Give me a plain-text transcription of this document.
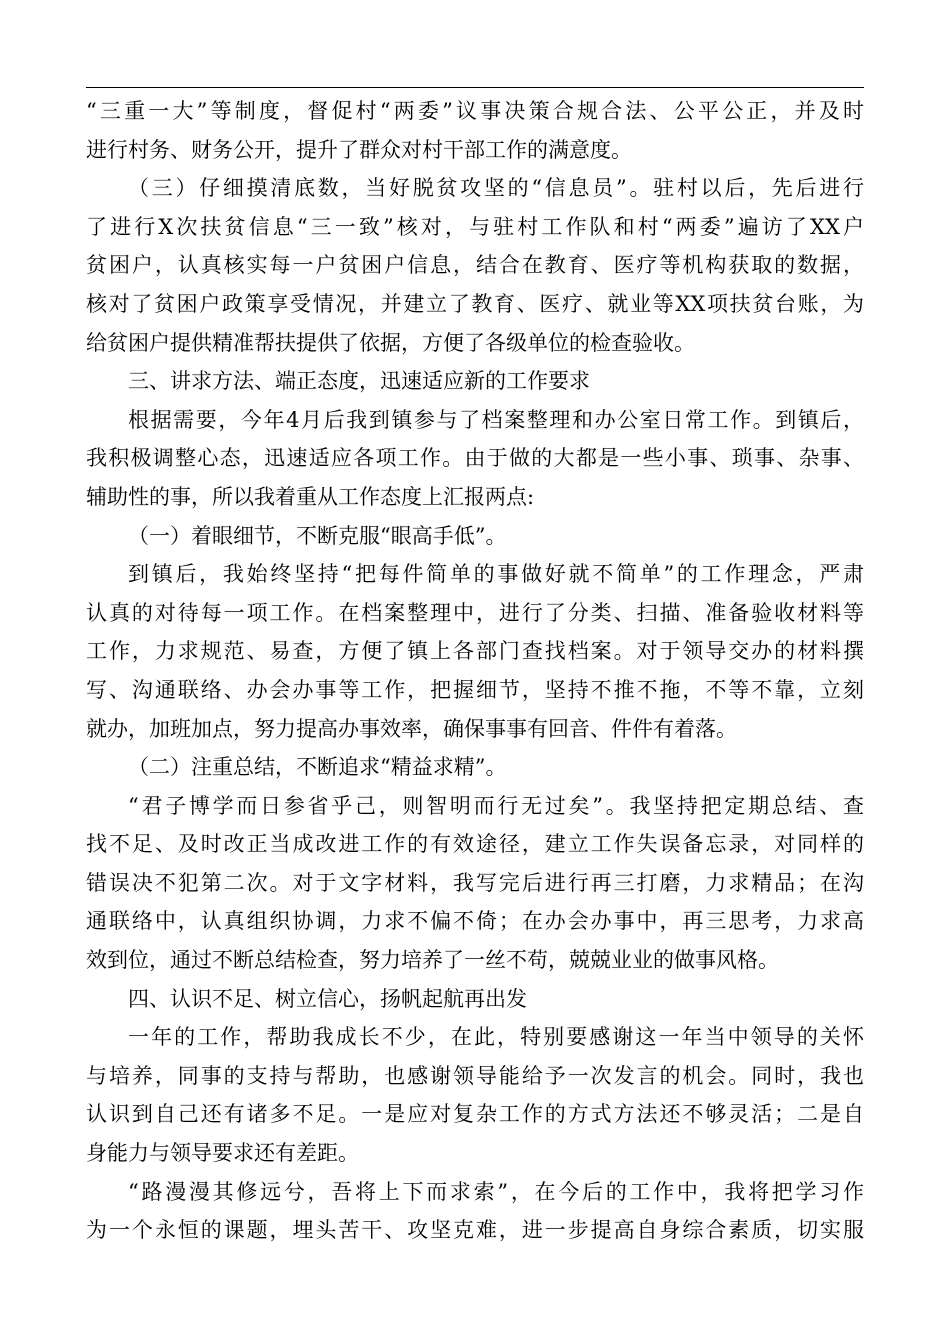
“三重一大”等制度，督促村“两委”议事决策合规合法、公平公正，并及时
进行村务、财务公开，提升了群众对村干部工作的满意度。
（三）仔细摸清底数，当好脱贫攻坚的“信息员”。驻村以后，先后进行
了进行X次扶贫信息“三一致”核对，与驻村工作队和村“两委”遍访了XX户
贫困户，认真核实每一户贫困户信息，结合在教育、医疗等机构获取的数据，
核对了贫困户政策享受情况，并建立了教育、医疗、就业等XX项扶贫台账，为
给贫困户提供精准帮扶提供了依据，方便了各级单位的检查验收。
三、讲求方法、端正态度，迅速适应新的工作要求
根据需要，今年4月后我到镇参与了档案整理和办公室日常工作。到镇后，
我积极调整心态，迅速适应各项工作。由于做的大都是一些小事、琐事、杂事、
辅助性的事，所以我着重从工作态度上汇报两点:
（一）着眼细节，不断克服“眼高手低”。
到镇后，我始终坚持“把每件简单的事做好就不简单”的工作理念，严肃
认真的对待每一项工作。在档案整理中，进行了分类、扫描、准备验收材料等
工作，力求规范、易查，方便了镇上各部门查找档案。对于领导交办的材料撰
写、沟通联络、办会办事等工作，把握细节，坚持不推不拖，不等不靠，立刻
就办，加班加点，努力提高办事效率，确保事事有回音、件件有着落。
（二）注重总结，不断追求“精益求精”。
“君子博学而日参省乎己，则智明而行无过矣”。我坚持把定期总结、查
找不足、及时改正当成改进工作的有效途径，建立工作失误备忘录，对同样的
错误决不犯第二次。对于文字材料，我写完后进行再三打磨，力求精品；在沟
通联络中，认真组织协调，力求不偏不倚；在办会办事中，再三思考，力求高
效到位，通过不断总结检查，努力培养了一丝不苟，兢兢业业的做事风格。
四、认识不足、树立信心，扬帆起航再出发
一年的工作，帮助我成长不少，在此，特别要感谢这一年当中领导的关怀
与培养，同事的支持与帮助，也感谢领导能给予一次发言的机会。同时，我也
认识到自己还有诸多不足。一是应对复杂工作的方式方法还不够灵活；二是自
身能力与领导要求还有差距。
“路漫漫其修远兮，吾将上下而求索”，在今后的工作中，我将把学习作
为一个永恒的课题，埋头苦干、攻坚克难，进一步提高自身综合素质，切实服
